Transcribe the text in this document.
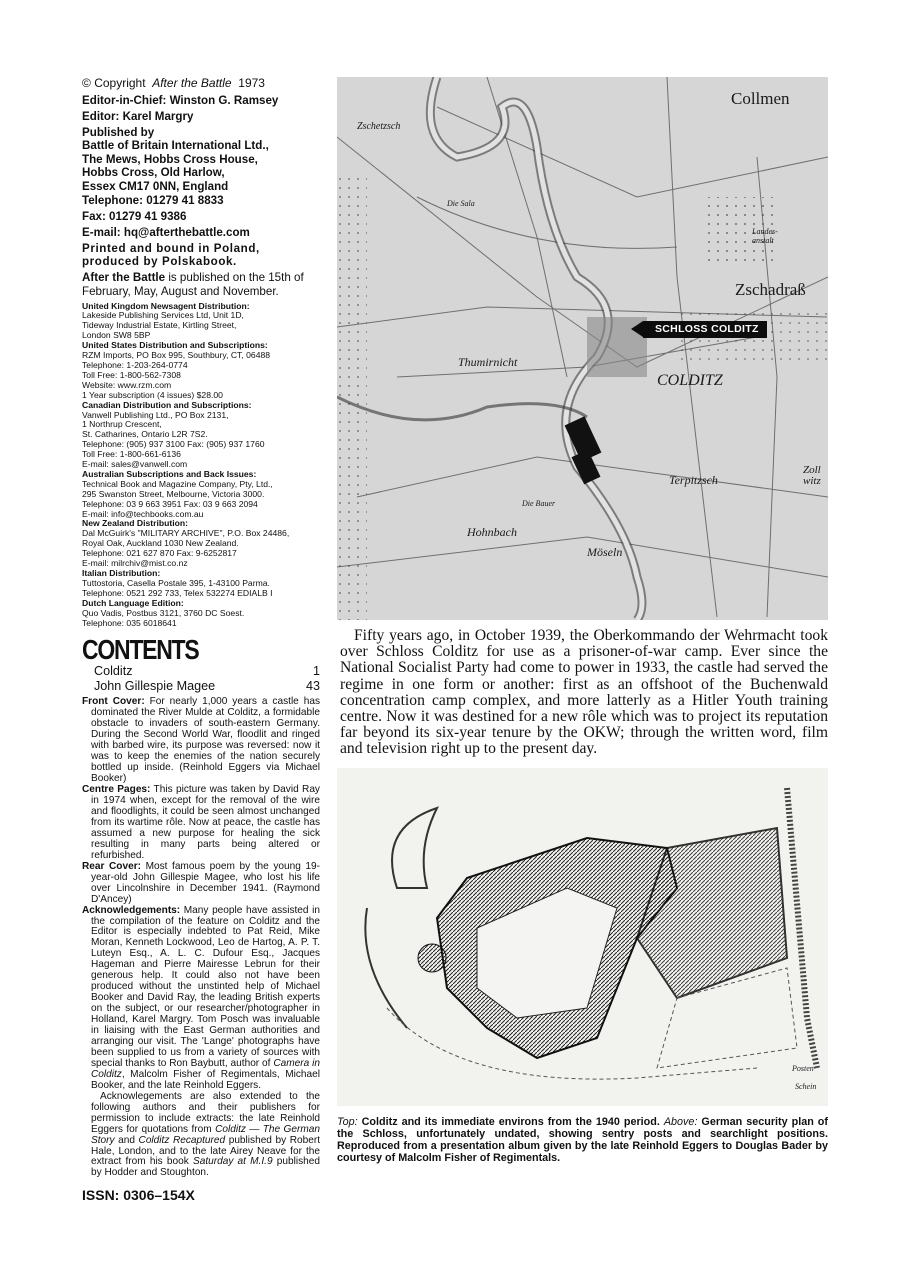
© Copyright After the Battle 1973
Editor-in-Chief: Winston G. Ramsey
Editor: Karel Margry
Published by
Battle of Britain International Ltd.,
The Mews, Hobbs Cross House,
Hobbs Cross, Old Harlow,
Essex CM17 0NN, England
Telephone: 01279 41 8833
Fax: 01279 41 9386
E-mail: hq@afterthebattle.com
Printed and bound in Poland,
produced by Polskabook.
After the Battle is published on the 15th of February, May, August and November.
United Kingdom Newsagent Distribution:
Lakeside Publishing Services Ltd, Unit 1D,
Tideway Industrial Estate, Kirtling Street,
London SW8 5BP
United States Distribution and Subscriptions:
RZM Imports, PO Box 995, Southbury, CT, 06488
Telephone: 1-203-264-0774
Toll Free: 1-800-562-7308
Website: www.rzm.com
1 Year subscription (4 issues) $28.00
Canadian Distribution and Subscriptions:
Vanwell Publishing Ltd., PO Box 2131,
1 Northrup Crescent,
St. Catharines, Ontario L2R 7S2.
Telephone: (905) 937 3100 Fax: (905) 937 1760
Toll Free: 1-800-661-6136
E-mail: sales@vanwell.com
Australian Subscriptions and Back Issues:
Technical Book and Magazine Company, Pty, Ltd.,
295 Swanston Street, Melbourne, Victoria 3000.
Telephone: 03 9 663 3951 Fax: 03 9 663 2094
E-mail: info@techbooks.com.au
New Zealand Distribution:
Dal McGuirk's "MILITARY ARCHIVE", P.O. Box 24486,
Royal Oak, Auckland 1030 New Zealand.
Telephone: 021 627 870 Fax: 9-6252817
E-mail: milrchiv@mist.co.nz
Italian Distribution:
Tuttostoria, Casella Postale 395, 1-43100 Parma.
Telephone: 0521 292 733, Telex 532274 EDIALB I
Dutch Language Edition:
Quo Vadis, Postbus 3121, 3760 DC Soest.
Telephone: 035 6018641
CONTENTS
Colditz	1
John Gillespie Magee	43
Front Cover: For nearly 1,000 years a castle has dominated the River Mulde at Colditz, a formidable obstacle to invaders of south-eastern Germany. During the Second World War, floodlit and ringed with barbed wire, its purpose was reversed: now it was to keep the enemies of the nation securely bottled up inside. (Reinhold Eggers via Michael Booker)
Centre Pages: This picture was taken by David Ray in 1974 when, except for the removal of the wire and floodlights, it could be seen almost unchanged from its wartime rôle. Now at peace, the castle has assumed a new purpose for healing the sick resulting in many parts being altered or refurbished.
Rear Cover: Most famous poem by the young 19-year-old John Gillespie Magee, who lost his life over Lincolnshire in December 1941. (Raymond D'Ancey)
Acknowledgements: Many people have assisted in the compilation of the feature on Colditz and the Editor is especially indebted to Pat Reid, Mike Moran, Kenneth Lockwood, Leo de Hartog, A. P. T. Luteyn Esq., A. L. C. Dufour Esq., Jacques Hageman and Pierre Mairesse Lebrun for their generous help. It could also not have been produced without the unstinted help of Michael Booker and David Ray, the leading British experts on the subject, or our researcher/photographer in Holland, Karel Margry. Tom Posch was invaluable in liaising with the East German authorities and arranging our visit. The 'Lange' photographs have been supplied to us from a variety of sources with special thanks to Ron Baybutt, author of Camera in Colditz, Malcolm Fisher of Regimentals, Michael Booker, and the late Reinhold Eggers.
Acknowlegements are also extended to the following authors and their publishers for permission to include extracts: the late Reinhold Eggers for quotations from Colditz — The German Story and Colditz Recaptured published by Robert Hale, London, and to the late Airey Neave for the extract from his book Saturday at M.I.9 published by Hodder and Stoughton.
ISSN: 0306–154X
Collmen
Zschetzsch
Zschadraß
Thumirnicht
COLDITZ
Terpitzsch
Hohnbach
Möseln
Die Bauer
Zoll witz
Landes-anstalt
Die Sala
SCHLOSS COLDITZ
Fifty years ago, in October 1939, the Oberkommando der Wehrmacht took over Schloss Colditz for use as a prisoner-of-war camp. Ever since the National Socialist Party had come to power in 1933, the castle had served the regime in one form or another: first as an offshoot of the Buchenwald concentration camp complex, and more latterly as a Hitler Youth training centre. Now it was destined for a new rôle which was to project its reputation far beyond its six-year tenure by the OKW; through the written word, film and television right up to the present day.
Posten
Schein
Top: Colditz and its immediate environs from the 1940 period. Above: German security plan of the Schloss, unfortunately undated, showing sentry posts and searchlight positions. Reproduced from a presentation album given by the late Reinhold Eggers to Douglas Bader by courtesy of Malcolm Fisher of Regimentals.
